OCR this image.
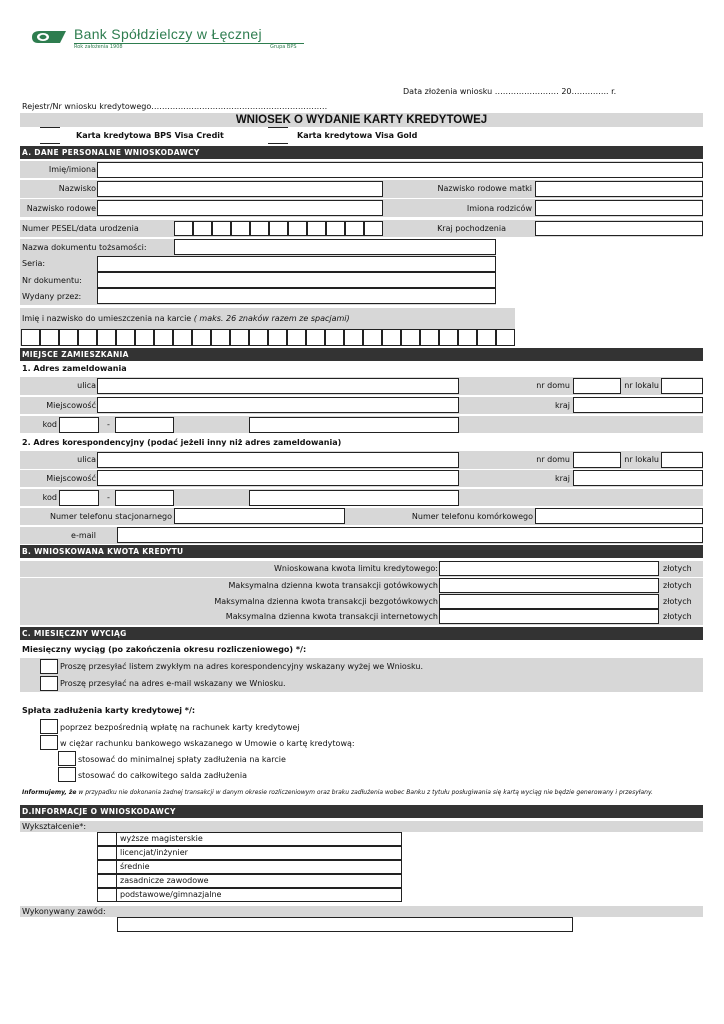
Bank Spółdzielczy w Łęcznej
Rok założenia 1908	Grupa BPS
Data złożenia wniosku …………………… 20………….. r.
Rejestr/Nr wniosku kredytowego…………………………………………………………
WNIOSEK O WYDANIE KARTY KREDYTOWEJ
Karta kredytowa BPS Visa Credit	Karta kredytowa Visa Gold
A. DANE PERSONALNE WNIOSKODAWCY
Imię/imiona
Nazwisko	Nazwisko rodowe matki
Nazwisko rodowe	Imiona rodziców
Numer PESEL/data urodzenia	Kraj pochodzenia
Nazwa dokumentu tożsamości:
Seria:
Nr dokumentu:
Wydany przez:
Imię i nazwisko do umieszczenia na karcie ( maks. 26 znaków razem ze spacjami)
MIEJSCE ZAMIESZKANIA
1. Adres zameldowania
ulica	nr domu	nr lokalu
Miejscowość	kraj
kod	-
2. Adres korespondencyjny (podać jeżeli inny niż adres zameldowania)
ulica	nr domu	nr lokalu
Miejscowość	kraj
kod	-
Numer telefonu stacjonarnego	Numer telefonu komórkowego
e-mail
B. WNIOSKOWANA KWOTA KREDYTU
Wnioskowana kwota limitu kredytowego:	złotych
Maksymalna dzienna kwota transakcji gotówkowych	złotych
Maksymalna dzienna kwota transakcji bezgotówkowych	złotych
Maksymalna dzienna kwota transakcji internetowych	złotych
C. MIESIĘCZNY WYCIĄG
Miesięczny wyciąg (po zakończenia okresu rozliczeniowego) */:
Proszę przesyłać listem zwykłym na adres korespondencyjny wskazany wyżej we Wniosku.
Proszę przesyłać na adres e-mail wskazany we Wniosku.
Spłata zadłużenia karty kredytowej */:
poprzez bezpośrednią wpłatę na rachunek karty kredytowej
w ciężar rachunku bankowego wskazanego w Umowie o kartę kredytową:
stosować do minimalnej spłaty zadłużenia na karcie
stosować do całkowitego salda zadłużenia
Informujemy, że w przypadku nie dokonania żadnej transakcji w danym okresie rozliczeniowym oraz braku zadłużenia wobec Banku z tytułu posługiwania się kartą wyciąg nie będzie generowany i przesyłany.
D.INFORMACJE O WNIOSKODAWCY
Wykształcenie*:
wyższe magisterskie
licencjat/inżynier
średnie
zasadnicze zawodowe
podstawowe/gimnazjalne
Wykonywany zawód:
